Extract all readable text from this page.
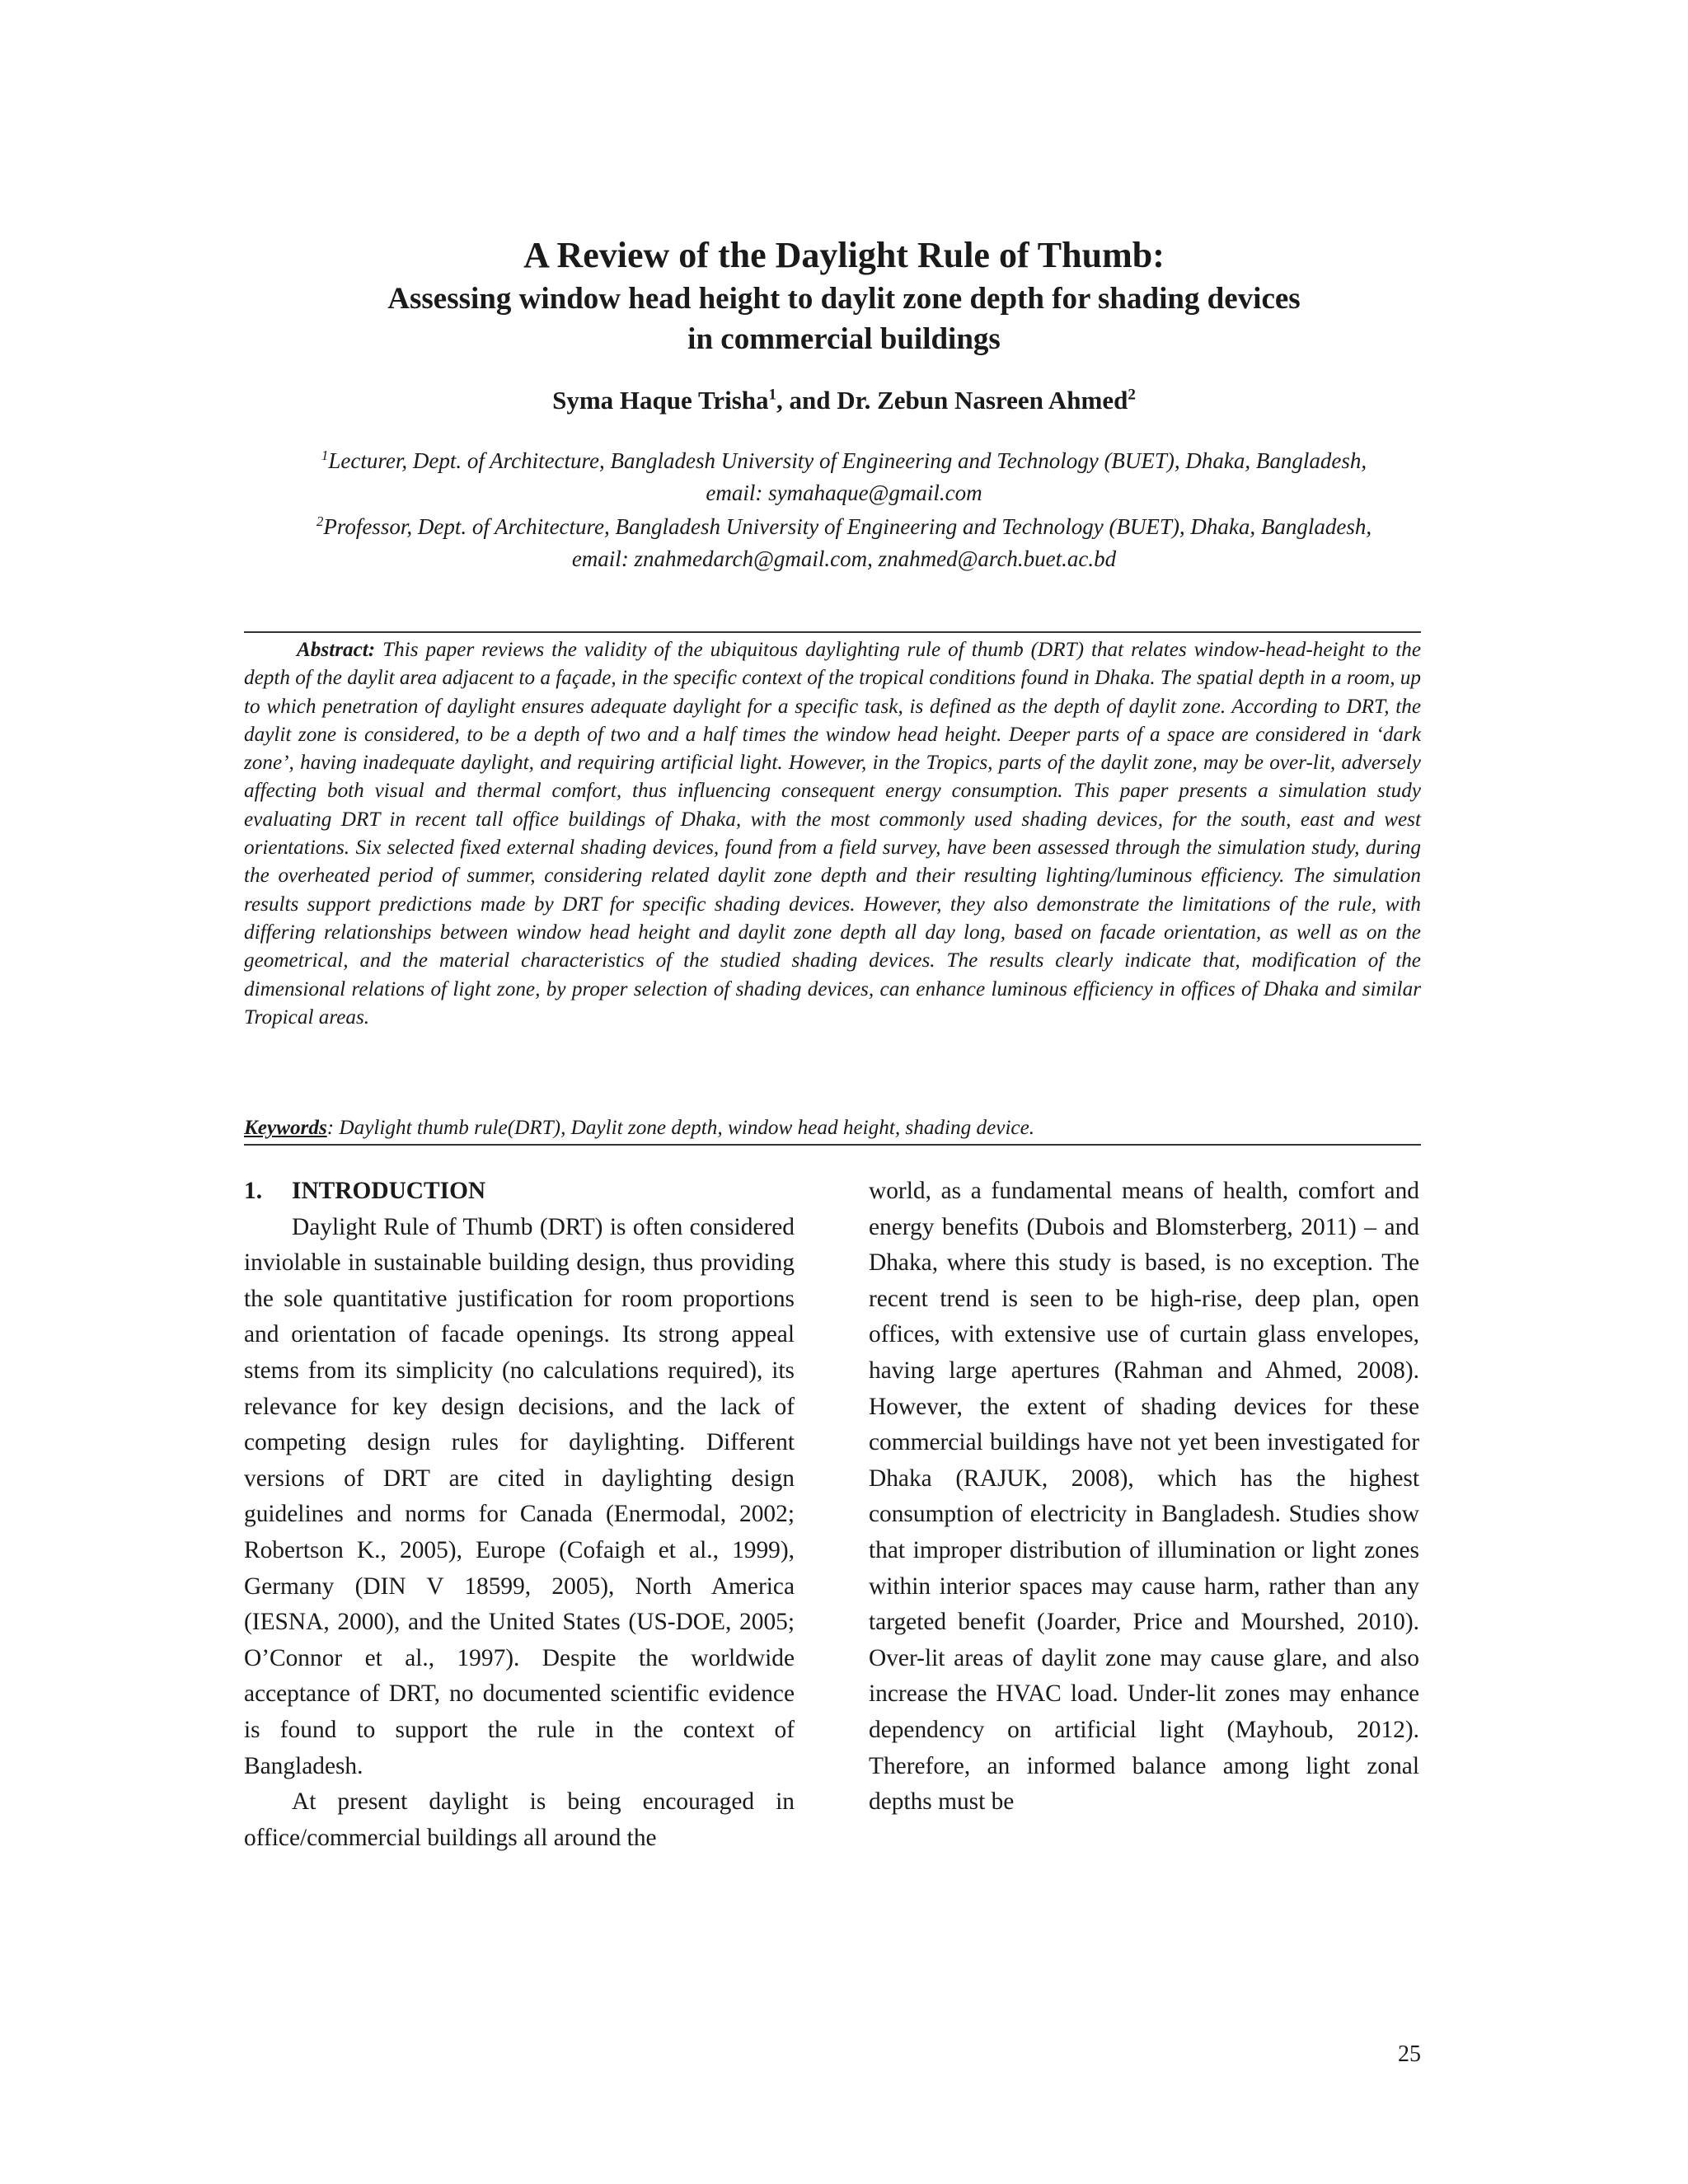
A Review of the Daylight Rule of Thumb:
Assessing window head height to daylit zone depth for shading devices
in commercial buildings
Syma Haque Trisha$^1$, and Dr. Zebun Nasreen Ahmed$^2$
$^1$Lecturer, Dept. of Architecture, Bangladesh University of Engineering and Technology (BUET), Dhaka, Bangladesh,
email: symahaque@gmail.com
$^2$Professor, Dept. of Architecture, Bangladesh University of Engineering and Technology (BUET), Dhaka, Bangladesh,
email: znahmedarch@gmail.com, znahmed@arch.buet.ac.bd

Abstract: This paper reviews the validity of the ubiquitous daylighting rule of thumb (DRT) that relates window-head-height to the depth of the daylit area adjacent to a façade, in the specific context of the tropical conditions found in Dhaka. The spatial depth in a room, up to which penetration of daylight ensures adequate daylight for a specific task, is defined as the depth of daylit zone. According to DRT, the daylit zone is considered, to be a depth of two and a half times the window head height. Deeper parts of a space are considered in ‘dark zone’, having inadequate daylight, and requiring artificial light. However, in the Tropics, parts of the daylit zone, may be over-lit, adversely affecting both visual and thermal comfort, thus influencing consequent energy consumption. This paper presents a simulation study evaluating DRT in recent tall office buildings of Dhaka, with the most commonly used shading devices, for the south, east and west orientations. Six selected fixed external shading devices, found from a field survey, have been assessed through the simulation study, during the overheated period of summer, considering related daylit zone depth and their resulting lighting/luminous efficiency. The simulation results support predictions made by DRT for specific shading devices. However, they also demonstrate the limitations of the rule, with differing relationships between window head height and daylit zone depth all day long, based on facade orientation, as well as on the geometrical, and the material characteristics of the studied shading devices. The results clearly indicate that, modification of the dimensional relations of light zone, by proper selection of shading devices, can enhance luminous efficiency in offices of Dhaka and similar Tropical areas.

Keywords: Daylight thumb rule(DRT), Daylit zone depth, window head height, shading device.

1. INTRODUCTION

Daylight Rule of Thumb (DRT) is often considered inviolable in sustainable building design, thus providing the sole quantitative justification for room proportions and orientation of facade openings. Its strong appeal stems from its simplicity (no calculations required), its relevance for key design decisions, and the lack of competing design rules for daylighting. Different versions of DRT are cited in daylighting design guidelines and norms for Canada (Enermodal, 2002; Robertson K., 2005), Europe (Cofaigh et al., 1999), Germany (DIN V 18599, 2005), North America (IESNA, 2000), and the United States (US-DOE, 2005; O’Connor et al., 1997). Despite the worldwide acceptance of DRT, no documented scientific evidence is found to support the rule in the context of Bangladesh.

At present daylight is being encouraged in office/commercial buildings all around the

world, as a fundamental means of health, comfort and energy benefits (Dubois and Blomsterberg, 2011) – and Dhaka, where this study is based, is no exception. The recent trend is seen to be high-rise, deep plan, open offices, with extensive use of curtain glass envelopes, having large apertures (Rahman and Ahmed, 2008). However, the extent of shading devices for these commercial buildings have not yet been investigated for Dhaka (RAJUK, 2008), which has the highest consumption of electricity in Bangladesh. Studies show that improper distribution of illumination or light zones within interior spaces may cause harm, rather than any targeted benefit (Joarder, Price and Mourshed, 2010). Over-lit areas of daylit zone may cause glare, and also increase the HVAC load. Under-lit zones may enhance dependency on artificial light (Mayhoub, 2012). Therefore, an informed balance among light zonal depths must be

25
